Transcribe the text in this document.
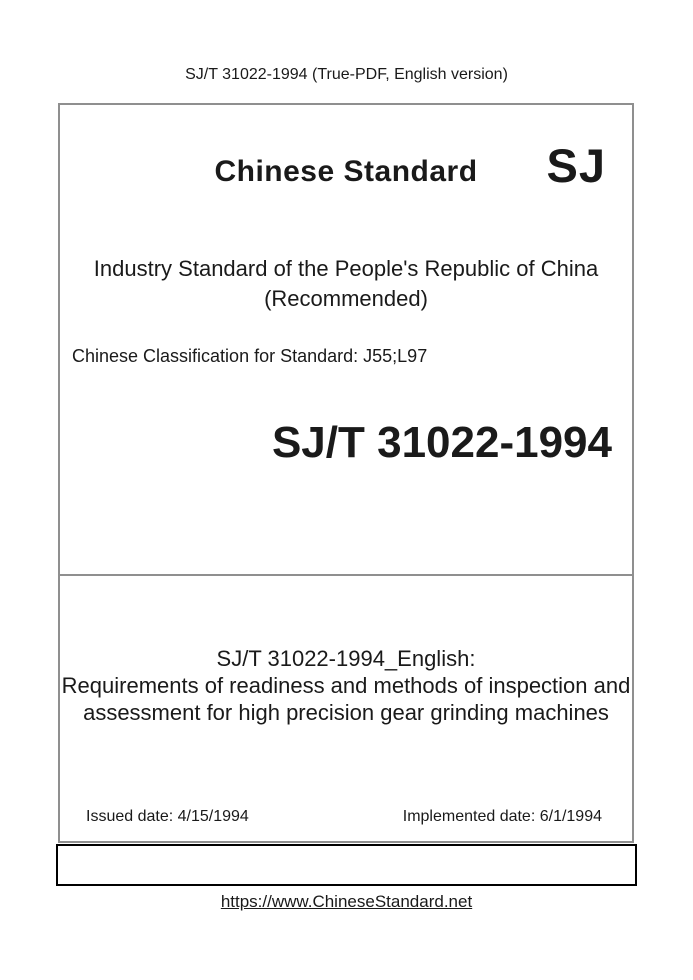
SJ/T 31022-1994 (True-PDF, English version)
Chinese Standard	SJ
Industry Standard of the People's Republic of China
(Recommended)
Chinese Classification for Standard: J55;L97
SJ/T 31022-1994
SJ/T 31022-1994_English:
Requirements of readiness and methods of inspection and
assessment for high precision gear grinding machines
Issued date: 4/15/1994	Implemented date: 6/1/1994
https://www.ChineseStandard.net
